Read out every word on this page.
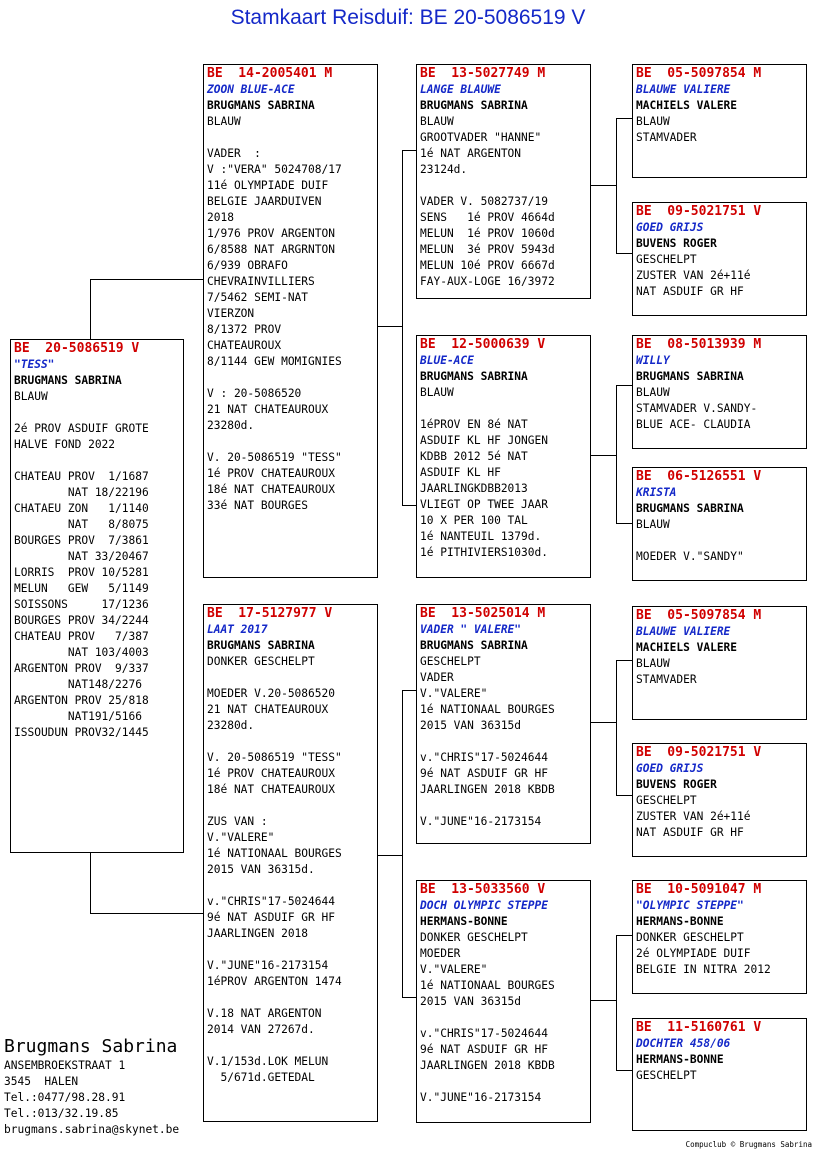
Stamkaart Reisduif: BE 20-5086519 V
BE  20-5086519 V
"TESS"
BRUGMANS SABRINA
BLAUW
2é PROV ASDUIF GROTE
HALVE FOND 2022
CHATEAU PROV  1/1687
NAT 18/22196
CHATAEU ZON   1/1140
NAT   8/8075
BOURGES PROV  7/3861
NAT 33/20467
LORRIS  PROV 10/5281
MELUN   GEW   5/1149
SOISSONS     17/1236
BOURGES PROV 34/2244
CHATEAU PROV   7/387
NAT 103/4003
ARGENTON PROV  9/337
NAT148/2276
ARGENTON PROV 25/818
NAT191/5166
ISSOUDUN PROV32/1445
BE  14-2005401 M
ZOON BLUE-ACE
BRUGMANS SABRINA
BLAUW
VADER  :
V :"VERA" 5024708/17
11é OLYMPIADE DUIF
BELGIE JAARDUIVEN
2018
1/976 PROV ARGENTON
6/8588 NAT ARGRNTON
6/939 OBRAFO
CHEVRAINVILLIERS
7/5462 SEMI-NAT
VIERZON
8/1372 PROV
CHATEAUROUX
8/1144 GEW MOMIGNIES
V : 20-5086520
21 NAT CHATEAUROUX
23280d.
V. 20-5086519 "TESS"
1é PROV CHATEAUROUX
18é NAT CHATEAUROUX
33é NAT BOURGES
BE  17-5127977 V
LAAT 2017
BRUGMANS SABRINA
DONKER GESCHELPT
MOEDER V.20-5086520
21 NAT CHATEAUROUX
23280d.
V. 20-5086519 "TESS"
1é PROV CHATEAUROUX
18é NAT CHATEAUROUX
ZUS VAN :
V."VALERE"
1é NATIONAAL BOURGES
2015 VAN 36315d.
v."CHRIS"17-5024644
9é NAT ASDUIF GR HF
JAARLINGEN 2018
V."JUNE"16-2173154
1éPROV ARGENTON 1474
V.18 NAT ARGENTON
2014 VAN 27267d.
V.1/153d.LOK MELUN
5/671d.GETEDAL
BE  13-5027749 M
LANGE BLAUWE
BRUGMANS SABRINA
BLAUW
GROOTVADER "HANNE"
1é NAT ARGENTON
23124d.
VADER V. 5082737/19
SENS   1é PROV 4664d
MELUN  1é PROV 1060d
MELUN  3é PROV 5943d
MELUN 10é PROV 6667d
FAY-AUX-LOGE 16/3972
BE  12-5000639 V
BLUE-ACE
BRUGMANS SABRINA
BLAUW
1éPROV EN 8é NAT
ASDUIF KL HF JONGEN
KDBB 2012 5é NAT
ASDUIF KL HF
JAARLINGKDBB2013
VLIEGT OP TWEE JAAR
10 X PER 100 TAL
1é NANTEUIL 1379d.
1é PITHIVIERS1030d.
BE  13-5025014 M
VADER " VALERE"
BRUGMANS SABRINA
GESCHELPT
VADER
V."VALERE"
1é NATIONAAL BOURGES
2015 VAN 36315d
v."CHRIS"17-5024644
9é NAT ASDUIF GR HF
JAARLINGEN 2018 KBDB
V."JUNE"16-2173154
BE  13-5033560 V
DOCH OLYMPIC STEPPE
HERMANS-BONNE
DONKER GESCHELPT
MOEDER
V."VALERE"
1é NATIONAAL BOURGES
2015 VAN 36315d
v."CHRIS"17-5024644
9é NAT ASDUIF GR HF
JAARLINGEN 2018 KBDB
V."JUNE"16-2173154
BE  05-5097854 M
BLAUWE VALIERE
MACHIELS VALERE
BLAUW
STAMVADER
BE  09-5021751 V
GOED GRIJS
BUVENS ROGER
GESCHELPT
ZUSTER VAN 2é+11é
NAT ASDUIF GR HF
BE  08-5013939 M
WILLY
BRUGMANS SABRINA
BLAUW
STAMVADER V.SANDY-
BLUE ACE- CLAUDIA
BE  06-5126551 V
KRISTA
BRUGMANS SABRINA
BLAUW
MOEDER V."SANDY"
BE  05-5097854 M
BLAUWE VALIERE
MACHIELS VALERE
BLAUW
STAMVADER
BE  09-5021751 V
GOED GRIJS
BUVENS ROGER
GESCHELPT
ZUSTER VAN 2é+11é
NAT ASDUIF GR HF
BE  10-5091047 M
"OLYMPIC STEPPE"
HERMANS-BONNE
DONKER GESCHELPT
2é OLYMPIADE DUIF
BELGIE IN NITRA 2012
BE  11-5160761 V
DOCHTER 458/06
HERMANS-BONNE
GESCHELPT
Brugmans Sabrina
ANSEMBROEKSTRAAT 1
3545  HALEN
Tel.:0477/98.28.91
Tel.:013/32.19.85
brugmans.sabrina@skynet.be
Compuclub © Brugmans Sabrina
